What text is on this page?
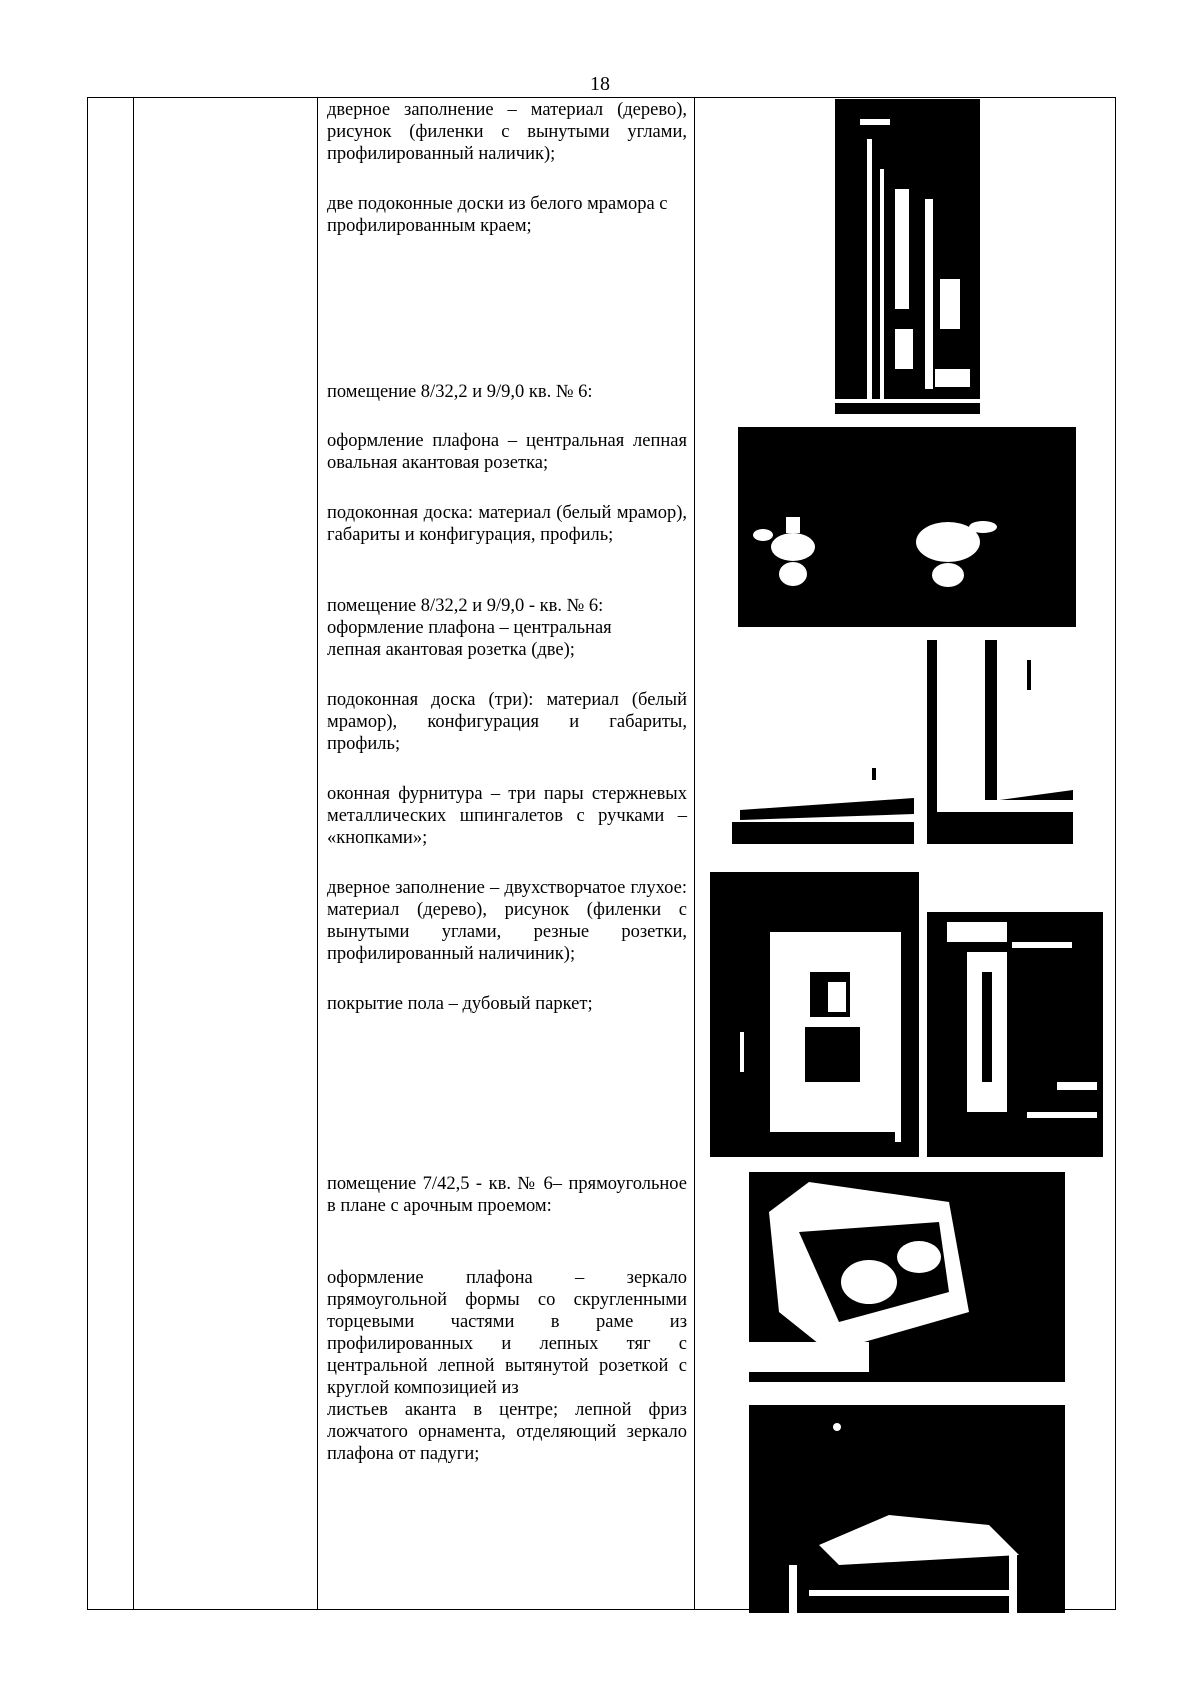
18

дверное заполнение – материал (дерево), рисунок (филенки с вынутыми углами, профилированный наличик);

две подоконные доски из белого мрамора с профилированным краем;

помещение 8/32,2 и 9/9,0 кв. № 6:

оформление плафона – центральная лепная овальная акантовая розетка;

подоконная доска: материал (белый мрамор), габариты и конфигурация, профиль;

помещение 8/32,2 и 9/9,0 - кв. № 6:

оформление плафона – центральная лепная акантовая розетка (две);

подоконная доска (три): материал (белый мрамор), конфигурация и габариты, профиль;

оконная фурнитура – три пары стержневых металлических шпингалетов с ручками – «кнопками»;

дверное заполнение – двухстворчатое глухое: материал (дерево), рисунок (филенки с вынутыми углами, резные розетки, профилированный наличиник);

покрытие пола – дубовый паркет;

помещение 7/42,5 - кв. № 6– прямоугольное в плане с арочным проемом:

оформление плафона – зеркало прямоугольной формы со скругленными торцевыми частями в раме из профилированных и лепных тяг с центральной лепной вытянутой розеткой с круглой композицией из

листьев аканта в центре; лепной фриз ложчатого орнамента, отделяющий зеркало плафона от падуги;
